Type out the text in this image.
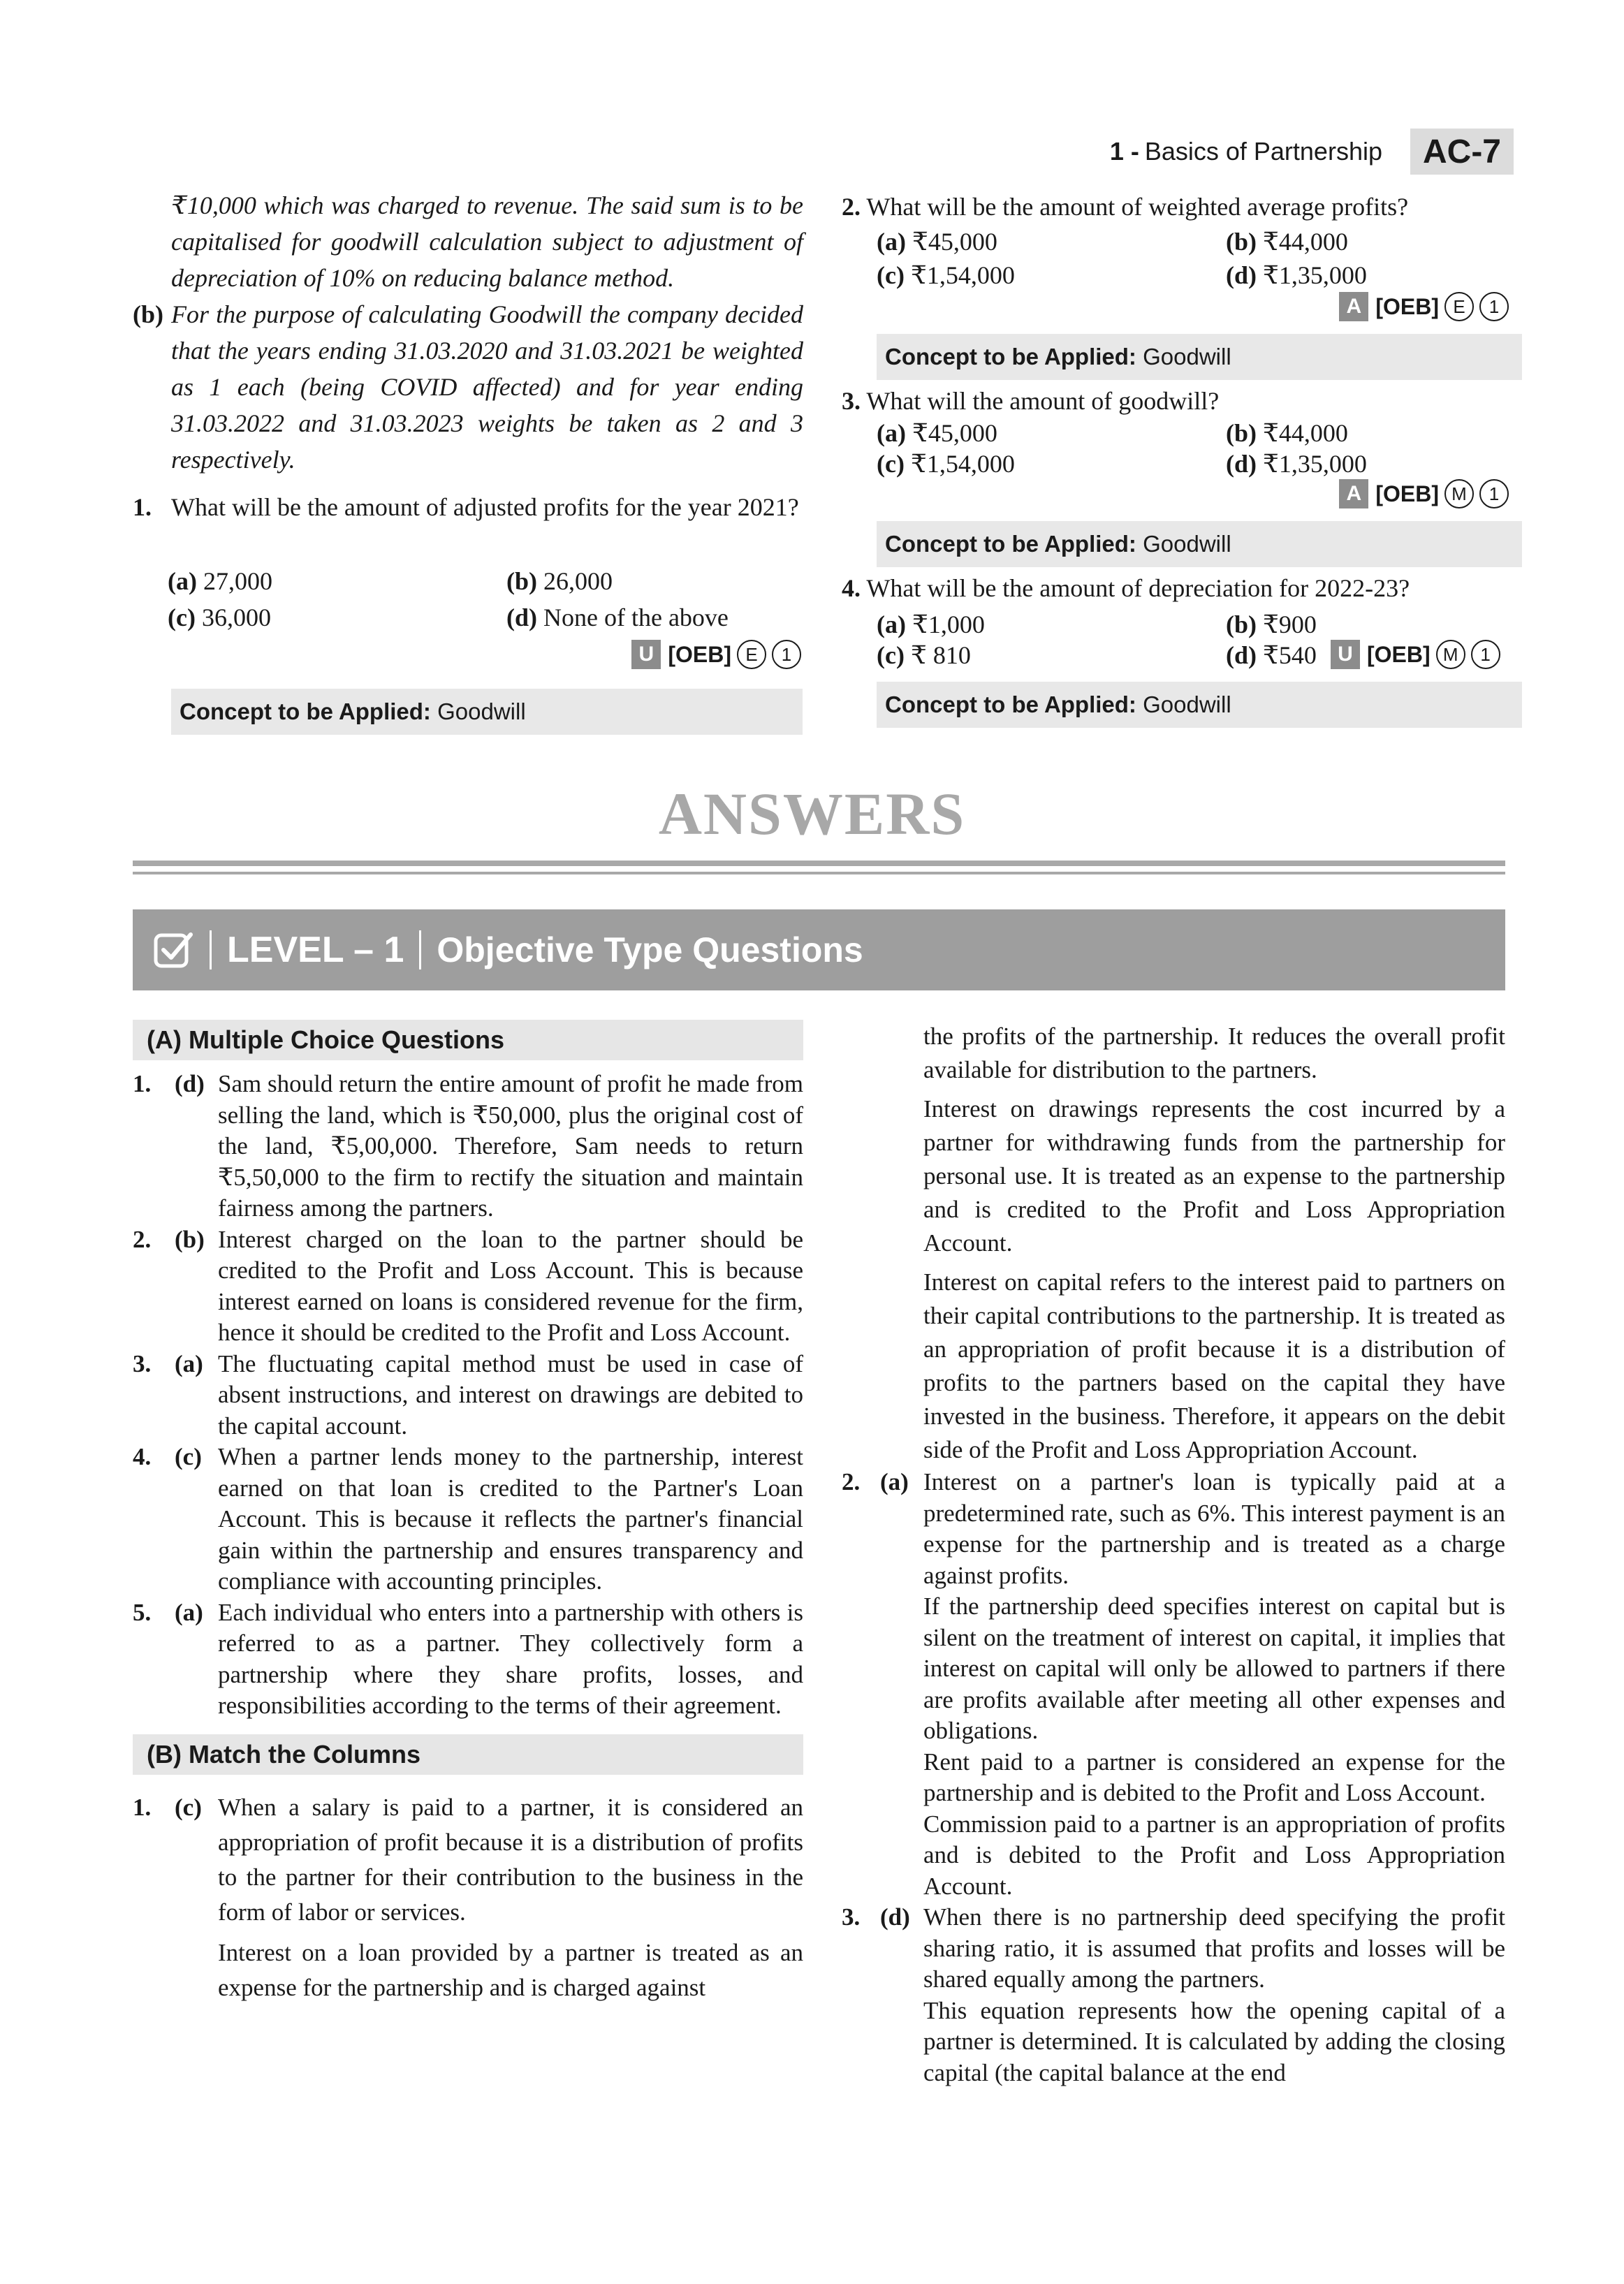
1 - Basics of Partnership	AC-7
₹10,000 which was charged to revenue. The said sum is to be capitalised for goodwill calculation subject to adjustment of depreciation of 10% on reducing balance method.
(b) For the purpose of calculating Goodwill the company decided that the years ending 31.03.2020 and 31.03.2021 be weighted as 1 each (being COVID affected) and for year ending 31.03.2022 and 31.03.2023 weights be taken as 2 and 3 respectively.
1. What will be the amount of adjusted profits for the year 2021?
(a) 27,000	(b) 26,000
(c) 36,000	(d) None of the above
U [OEB] E	1
Concept to be Applied: Goodwill
2. What will be the amount of weighted average profits?
(a) ₹45,000	(b) ₹44,000
(c) ₹1,54,000	(d) ₹1,35,000
A [OEB] E	1
Concept to be Applied: Goodwill
3. What will the amount of goodwill?
(a) ₹45,000	(b) ₹44,000
(c) ₹1,54,000	(d) ₹1,35,000
A [OEB] M	1
Concept to be Applied: Goodwill
4. What will be the amount of depreciation for 2022-23?
(a) ₹1,000	(b) ₹900
(c) ₹ 810	(d) ₹540	U [OEB] M	1
Concept to be Applied: Goodwill
ANSWERS
LEVEL – 1 Objective Type Questions
(A) Multiple Choice Questions
1. (d) Sam should return the entire amount of profit he made from selling the land, which is ₹50,000, plus the original cost of the land, ₹5,00,000. Therefore, Sam needs to return ₹5,50,000 to the firm to rectify the situation and maintain fairness among the partners.
2. (b) Interest charged on the loan to the partner should be credited to the Profit and Loss Account. This is because interest earned on loans is considered revenue for the firm, hence it should be credited to the Profit and Loss Account.
3. (a) The fluctuating capital method must be used in case of absent instructions, and interest on drawings are debited to the capital account.
4. (c) When a partner lends money to the partnership, interest earned on that loan is credited to the Partner's Loan Account. This is because it reflects the partner's financial gain within the partnership and ensures transparency and compliance with accounting principles.
5. (a) Each individual who enters into a partnership with others is referred to as a partner. They collectively form a partnership where they share profits, losses, and responsibilities according to the terms of their agreement.
(B) Match the Columns
1. (c) When a salary is paid to a partner, it is considered an appropriation of profit because it is a distribution of profits to the partner for their contribution to the business in the form of labor or services.
Interest on a loan provided by a partner is treated as an expense for the partnership and is charged against
the profits of the partnership. It reduces the overall profit available for distribution to the partners.
Interest on drawings represents the cost incurred by a partner for withdrawing funds from the partnership for personal use. It is treated as an expense to the partnership and is credited to the Profit and Loss Appropriation Account.
Interest on capital refers to the interest paid to partners on their capital contributions to the partnership. It is treated as an appropriation of profit because it is a distribution of profits to the partners based on the capital they have invested in the business. Therefore, it appears on the debit side of the Profit and Loss Appropriation Account.
2. (a) Interest on a partner's loan is typically paid at a predetermined rate, such as 6%. This interest payment is an expense for the partnership and is treated as a charge against profits.
If the partnership deed specifies interest on capital but is silent on the treatment of interest on capital, it implies that interest on capital will only be allowed to partners if there are profits available after meeting all other expenses and obligations.
Rent paid to a partner is considered an expense for the partnership and is debited to the Profit and Loss Account.
Commission paid to a partner is an appropriation of profits and is debited to the Profit and Loss Appropriation Account.
3. (d) When there is no partnership deed specifying the profit sharing ratio, it is assumed that profits and losses will be shared equally among the partners.
This equation represents how the opening capital of a partner is determined. It is calculated by adding the closing capital (the capital balance at the end
